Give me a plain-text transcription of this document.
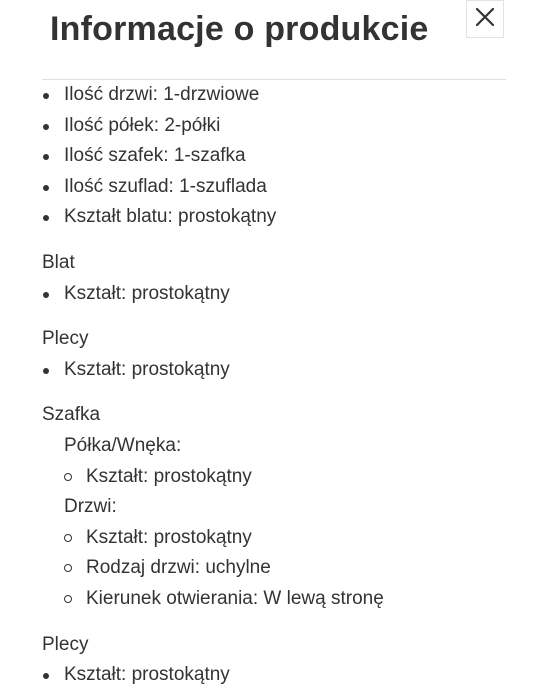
Informacje o produkcie
Ilość drzwi: 1-drzwiowe
Ilość półek: 2-półki
Ilość szafek: 1-szafka
Ilość szuflad: 1-szuflada
Kształt blatu: prostokątny
Blat
Kształt: prostokątny
Plecy
Kształt: prostokątny
Szafka
Półka/Wnęka:
Kształt: prostokątny
Drzwi:
Kształt: prostokątny
Rodzaj drzwi: uchylne
Kierunek otwierania: W lewą stronę
Plecy
Kształt: prostokątny
